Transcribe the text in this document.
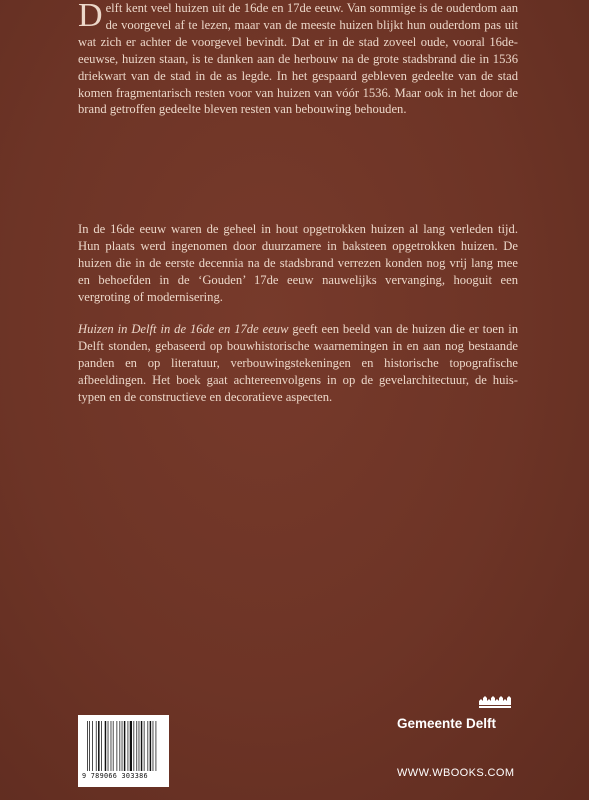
Delft kent veel huizen uit de 16de en 17de eeuw. Van sommige is de ouderdom aan de voorgevel af te lezen, maar van de meeste huizen blijkt hun ouderdom pas uit wat zich er achter de voorgevel bevindt. Dat er in de stad zoveel oude, vooral 16de-eeuwse, huizen staan, is te danken aan de herbouw na de grote stadsbrand die in 1536 driekwart van de stad in de as legde. In het gespaard gebleven gedeelte van de stad komen fragmentarisch resten voor van huizen van vóór 1536. Maar ook in het door de brand getroffen gedeelte bleven resten van bebouwing behouden.

In de 16de eeuw waren de geheel in hout opgetrokken huizen al lang verleden tijd. Hun plaats werd ingenomen door duurzamere in baksteen opgetrokken huizen. De huizen die in de eerste decennia na de stadsbrand verrezen konden nog vrij lang mee en behoefden in de ‘Gouden’ 17de eeuw nauwelijks vervanging, hooguit een vergroting of modernisering.

Huizen in Delft in de 16de en 17de eeuw geeft een beeld van de huizen die er toen in Delft stonden, gebaseerd op bouwhistorische waarnemingen in en aan nog bestaande panden en op literatuur, verbouwingstekeningen en historische topografische afbeeldingen. Het boek gaat achtereenvolgens in op de gevelarchitectuur, de huis-typen en de constructieve en decoratieve aspecten.

9 789066 303386
Gemeente Delft
WWW.WBOOKS.COM
